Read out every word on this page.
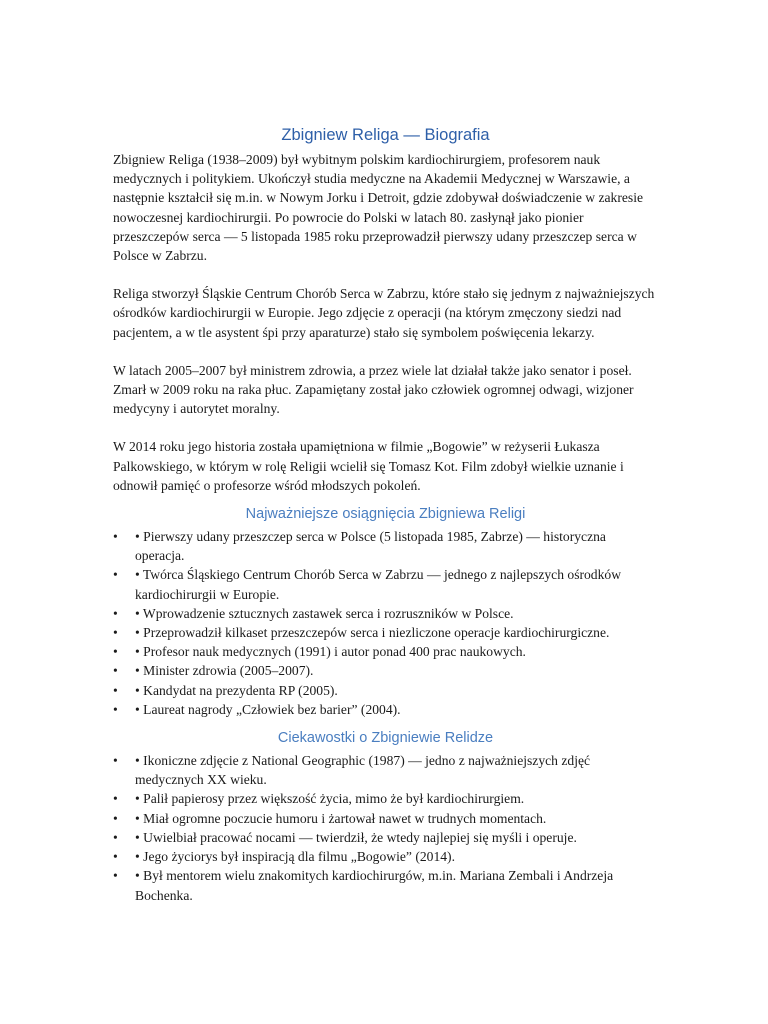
Zbigniew Religa — Biografia

Zbigniew Religa (1938–2009) był wybitnym polskim kardiochirurgiem, profesorem nauk medycznych i politykiem. Ukończył studia medyczne na Akademii Medycznej w Warszawie, a następnie kształcił się m.in. w Nowym Jorku i Detroit, gdzie zdobywał doświadczenie w zakresie nowoczesnej kardiochirurgii. Po powrocie do Polski w latach 80. zasłynął jako pionier przeszczepów serca — 5 listopada 1985 roku przeprowadził pierwszy udany przeszczep serca w Polsce w Zabrzu.

Religa stworzył Śląskie Centrum Chorób Serca w Zabrzu, które stało się jednym z najważniejszych ośrodków kardiochirurgii w Europie. Jego zdjęcie z operacji (na którym zmęczony siedzi nad pacjentem, a w tle asystent śpi przy aparaturze) stało się symbolem poświęcenia lekarzy.

W latach 2005–2007 był ministrem zdrowia, a przez wiele lat działał także jako senator i poseł. Zmarł w 2009 roku na raka płuc. Zapamiętany został jako człowiek ogromnej odwagi, wizjoner medycyny i autorytet moralny.

W 2014 roku jego historia została upamiętniona w filmie „Bogowie” w reżyserii Łukasza Palkowskiego, w którym w rolę Religii wcielił się Tomasz Kot. Film zdobył wielkie uznanie i odnowił pamięć o profesorze wśród młodszych pokoleń.

Najważniejsze osiągnięcia Zbigniewa Religi
•	• Pierwszy udany przeszczep serca w Polsce (5 listopada 1985, Zabrze) — historyczna operacja.
•	• Twórca Śląskiego Centrum Chorób Serca w Zabrzu — jednego z najlepszych ośrodków kardiochirurgii w Europie.
•	• Wprowadzenie sztucznych zastawek serca i rozruszników w Polsce.
•	• Przeprowadził kilkaset przeszczepów serca i niezliczone operacje kardiochirurgiczne.
•	• Profesor nauk medycznych (1991) i autor ponad 400 prac naukowych.
•	• Minister zdrowia (2005–2007).
•	• Kandydat na prezydenta RP (2005).
•	• Laureat nagrody „Człowiek bez barier” (2004).
Ciekawostki o Zbigniewie Relidze
•	• Ikoniczne zdjęcie z National Geographic (1987) — jedno z najważniejszych zdjęć medycznych XX wieku.
•	• Palił papierosy przez większość życia, mimo że był kardiochirurgiem.
•	• Miał ogromne poczucie humoru i żartował nawet w trudnych momentach.
•	• Uwielbiał pracować nocami — twierdził, że wtedy najlepiej się myśli i operuje.
•	• Jego życiorys był inspiracją dla filmu „Bogowie” (2014).
•	• Był mentorem wielu znakomitych kardiochirurgów, m.in. Mariana Zembali i Andrzeja Bochenka.
